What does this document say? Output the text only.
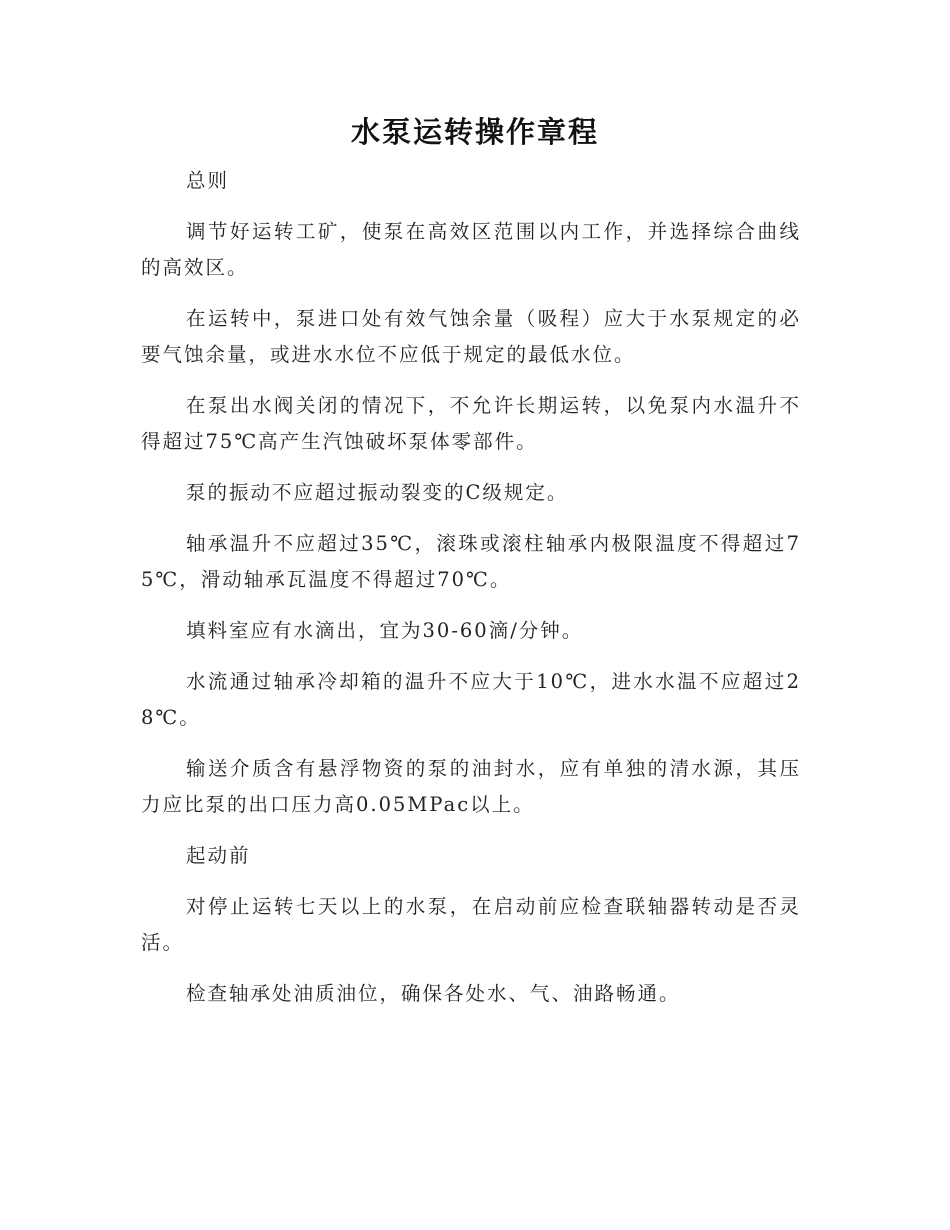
水泵运转操作章程

总则

调节好运转工矿，使泵在高效区范围以内工作，并选择综合曲线的高效区。

在运转中，泵进口处有效气蚀余量（吸程）应大于水泵规定的必要气蚀余量，或进水水位不应低于规定的最低水位。

在泵出水阀关闭的情况下，不允许长期运转，以免泵内水温升不得超过75℃高产生汽蚀破坏泵体零部件。

泵的振动不应超过振动裂变的C级规定。

轴承温升不应超过35℃，滚珠或滚柱轴承内极限温度不得超过75℃，滑动轴承瓦温度不得超过70℃。

填料室应有水滴出，宜为30-60滴/分钟。

水流通过轴承冷却箱的温升不应大于10℃，进水水温不应超过28℃。

输送介质含有悬浮物资的泵的油封水，应有单独的清水源，其压力应比泵的出口压力高0.05MPac以上。

起动前

对停止运转七天以上的水泵，在启动前应检查联轴器转动是否灵活。

检查轴承处油质油位，确保各处水、气、油路畅通。
